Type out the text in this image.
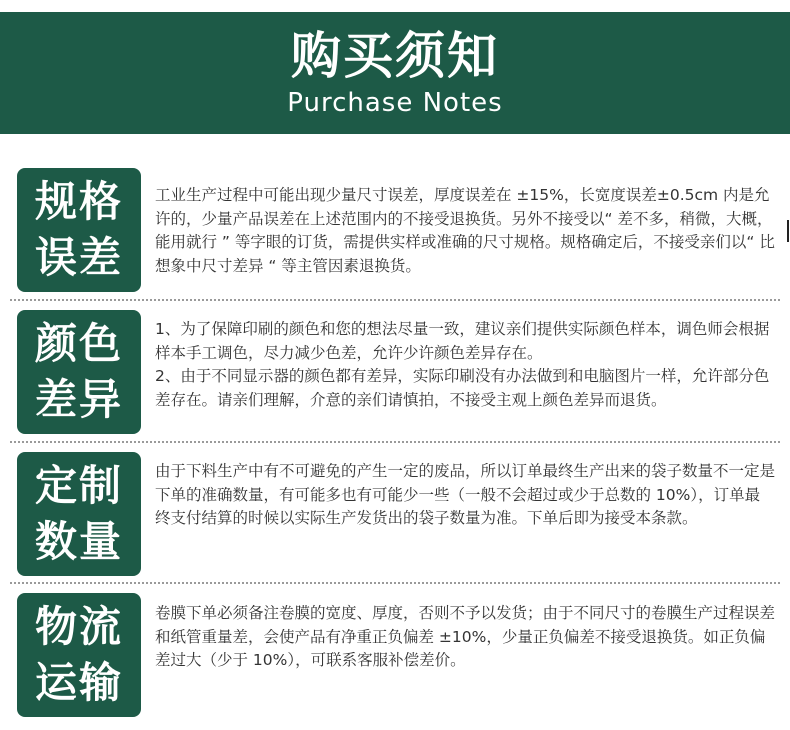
购买须知
Purchase Notes
规格
误差

工业生产过程中可能出现少量尺寸误差，厚度误差在 ±15%，长宽度误差±0.5cm 内是允许的，少量产品误差在上述范围内的不接受退换货。另外不接受以“ 差不多，稍微，大概，能用就行 ” 等字眼的订货，需提供实样或准确的尺寸规格。规格确定后，不接受亲们以“ 比想象中尺寸差异 “ 等主管因素退换货。

颜色
差异

1、为了保障印刷的颜色和您的想法尽量一致，建议亲们提供实际颜色样本，调色师会根据样本手工调色，尽力减少色差，允许少许颜色差异存在。

2、由于不同显示器的颜色都有差异，实际印刷没有办法做到和电脑图片一样，允许部分色差存在。请亲们理解，介意的亲们请慎拍，不接受主观上颜色差异而退货。

定制
数量

由于下料生产中有不可避免的产生一定的废品，所以订单最终生产出来的袋子数量不一定是下单的准确数量，有可能多也有可能少一些（一般不会超过或少于总数的 10%），订单最终支付结算的时候以实际生产发货出的袋子数量为准。下单后即为接受本条款。

物流
运输

卷膜下单必须备注卷膜的宽度、厚度，否则不予以发货；由于不同尺寸的卷膜生产过程误差和纸管重量差，会使产品有净重正负偏差 ±10%，少量正负偏差不接受退换货。如正负偏差过大（少于 10%），可联系客服补偿差价。
